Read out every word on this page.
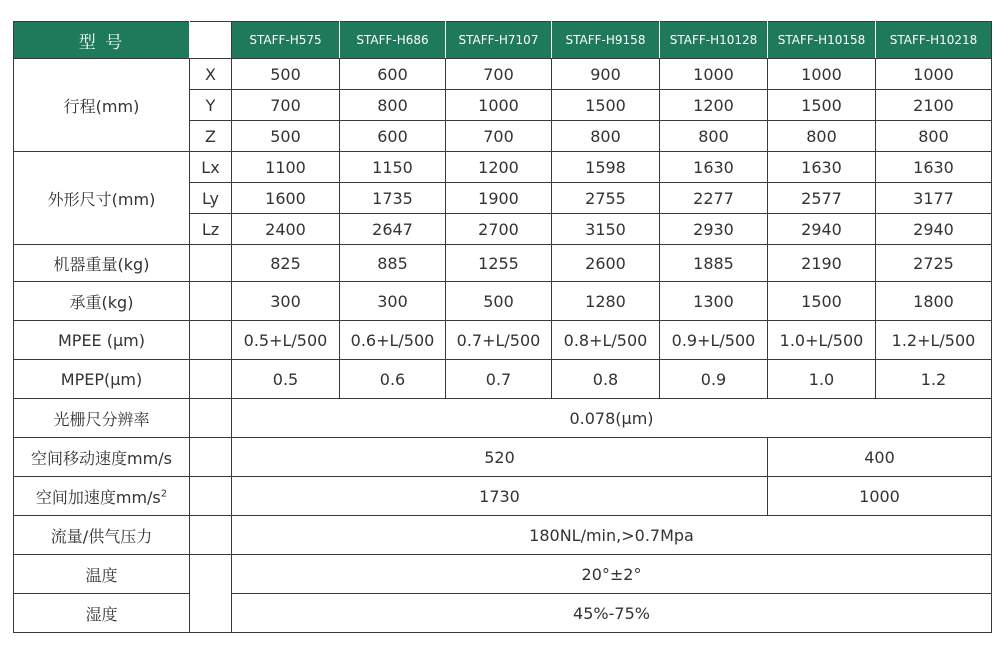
型 号		STAFF-H575	STAFF-H686	STAFF-H7107	STAFF-H9158	STAFF-H10128	STAFF-H10158	STAFF-H10218
行程(mm)	X	500	600	700	900	1000	1000	1000
	Y	700	800	1000	1500	1200	1500	2100
	Z	500	600	700	800	800	800	800
外形尺寸(mm)	Lx	1100	1150	1200	1598	1630	1630	1630
	Ly	1600	1735	1900	2755	2277	2577	3177
	Lz	2400	2647	2700	3150	2930	2940	2940
机器重量(kg)		825	885	1255	2600	1885	2190	2725
承重(kg)		300	300	500	1280	1300	1500	1800
MPEE (μm)		0.5+L/500	0.6+L/500	0.7+L/500	0.8+L/500	0.9+L/500	1.0+L/500	1.2+L/500
MPEP(μm)		0.5	0.6	0.7	0.8	0.9	1.0	1.2
光栅尺分辨率		0.078(μm)						
空间移动速度mm/s		520					400	
空间加速度$mm/s^2$		1730					1000	
流量/供气压力		180NL/min,>0.7Mpa						
温度		20°±2°						
湿度		45%-75%						
